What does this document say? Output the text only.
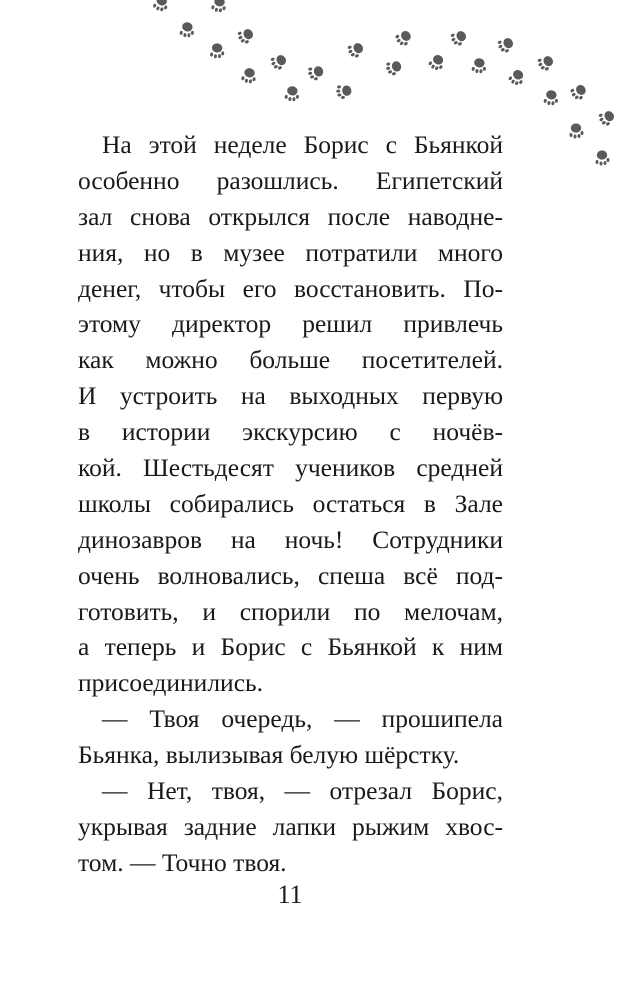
На этой неделе Борис с Бьянкой
особенно разошлись. Египетский
зал снова открылся после наводне-
ния, но в музее потратили много
денег, чтобы его восстановить. По-
этому директор решил привлечь
как можно больше посетителей.
И устроить на выходных первую
в истории экскурсию с ночёв-
кой. Шестьдесят учеников средней
школы собирались остаться в Зале
динозавров на ночь! Сотрудники
очень волновались, спеша всё под-
готовить, и спорили по мелочам,
а теперь и Борис с Бьянкой к ним
присоединились.
— Твоя очередь, — прошипела
Бьянка, вылизывая белую шёрстку.
— Нет, твоя, — отрезал Борис,
укрывая задние лапки рыжим хвос-
том. — Точно твоя.
11
